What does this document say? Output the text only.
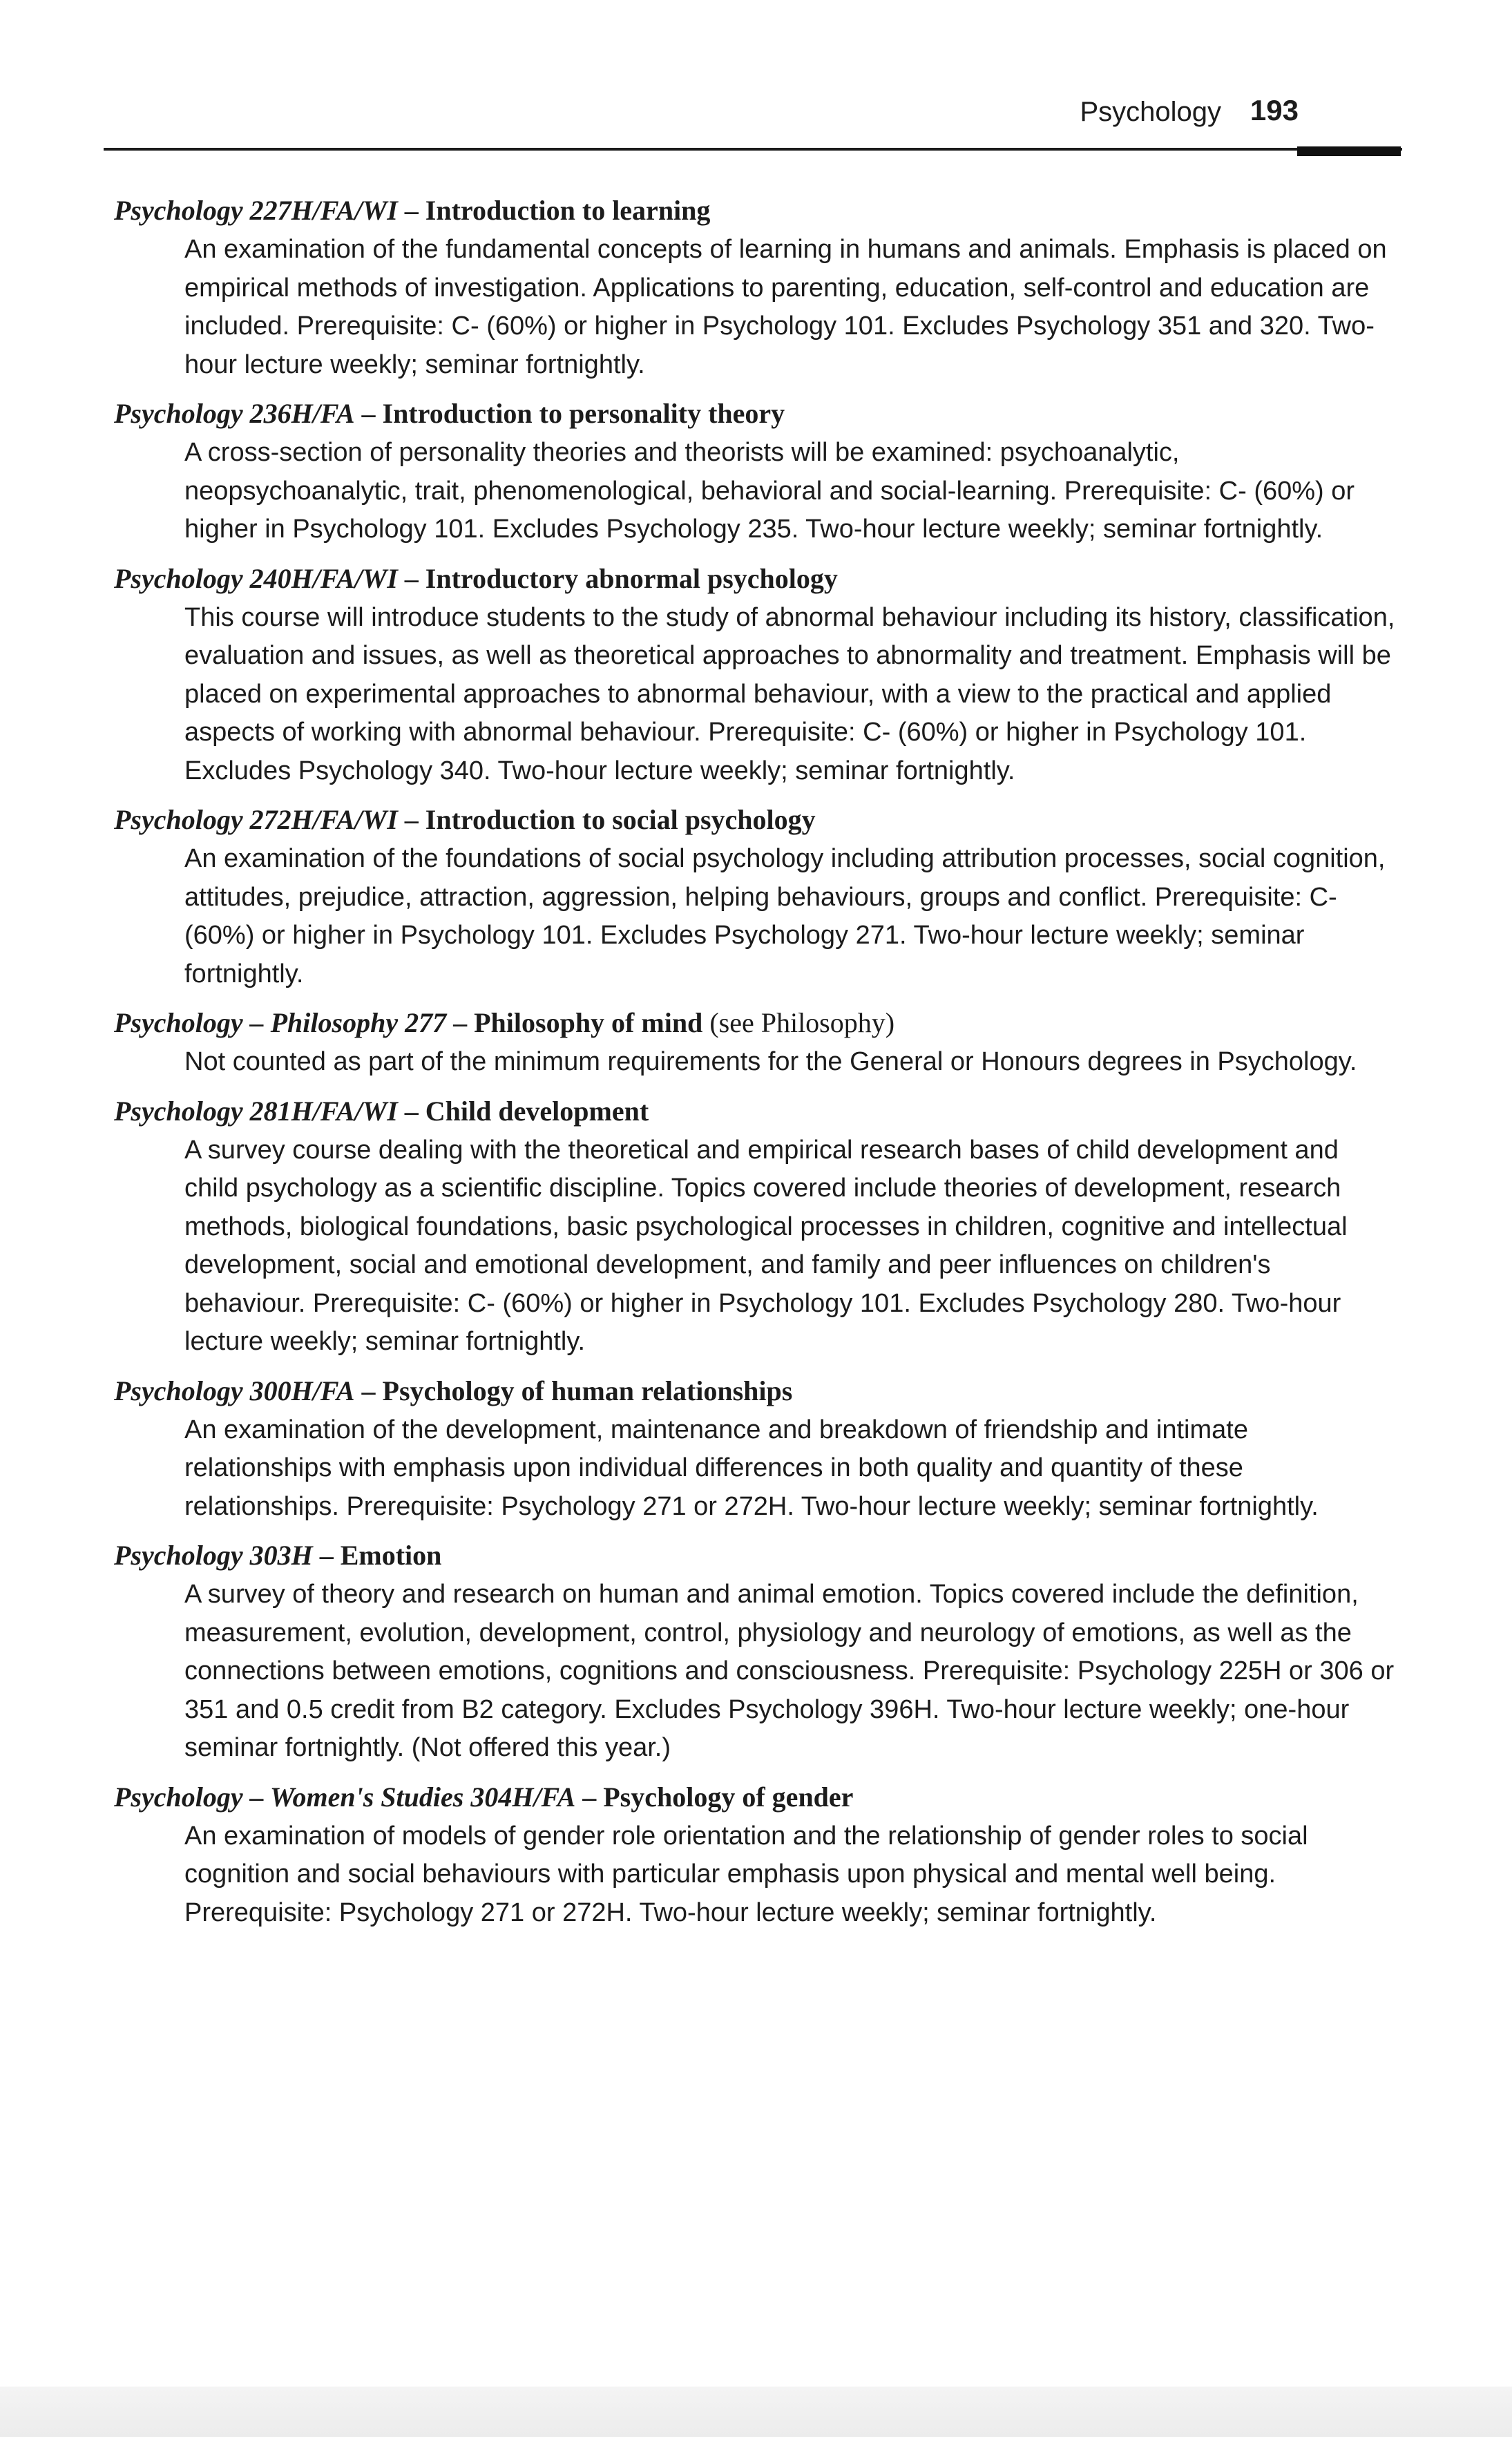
Psychology 193
Psychology 227H/FA/WI – Introduction to learning
An examination of the fundamental concepts of learning in humans and animals. Emphasis is placed on empirical methods of investigation. Applications to parenting, education, self-control and education are included. Prerequisite: C- (60%) or higher in Psychology 101. Excludes Psychology 351 and 320. Two-hour lecture weekly; seminar fortnightly.
Psychology 236H/FA – Introduction to personality theory
A cross-section of personality theories and theorists will be examined: psychoanalytic, neopsychoanalytic, trait, phenomenological, behavioral and social-learning. Prerequisite: C- (60%) or higher in Psychology 101. Excludes Psychology 235. Two-hour lecture weekly; seminar fortnightly.
Psychology 240H/FA/WI – Introductory abnormal psychology
This course will introduce students to the study of abnormal behaviour including its history, classification, evaluation and issues, as well as theoretical approaches to abnormality and treatment. Emphasis will be placed on experimental approaches to abnormal behaviour, with a view to the practical and applied aspects of working with abnormal behaviour. Prerequisite: C- (60%) or higher in Psychology 101. Excludes Psychology 340. Two-hour lecture weekly; seminar fortnightly.
Psychology 272H/FA/WI – Introduction to social psychology
An examination of the foundations of social psychology including attribution processes, social cognition, attitudes, prejudice, attraction, aggression, helping behaviours, groups and conflict. Prerequisite: C- (60%) or higher in Psychology 101. Excludes Psychology 271. Two-hour lecture weekly; seminar fortnightly.
Psychology – Philosophy 277 – Philosophy of mind (see Philosophy)
Not counted as part of the minimum requirements for the General or Honours degrees in Psychology.
Psychology 281H/FA/WI – Child development
A survey course dealing with the theoretical and empirical research bases of child development and child psychology as a scientific discipline. Topics covered include theories of development, research methods, biological foundations, basic psychological processes in children, cognitive and intellectual development, social and emotional development, and family and peer influences on children's behaviour. Prerequisite: C- (60%) or higher in Psychology 101. Excludes Psychology 280. Two-hour lecture weekly; seminar fortnightly.
Psychology 300H/FA – Psychology of human relationships
An examination of the development, maintenance and breakdown of friendship and intimate relationships with emphasis upon individual differences in both quality and quantity of these relationships. Prerequisite: Psychology 271 or 272H. Two-hour lecture weekly; seminar fortnightly.
Psychology 303H – Emotion
A survey of theory and research on human and animal emotion. Topics covered include the definition, measurement, evolution, development, control, physiology and neurology of emotions, as well as the connections between emotions, cognitions and consciousness. Prerequisite: Psychology 225H or 306 or 351 and 0.5 credit from B2 category. Excludes Psychology 396H. Two-hour lecture weekly; one-hour seminar fortnightly. (Not offered this year.)
Psychology – Women's Studies 304H/FA – Psychology of gender
An examination of models of gender role orientation and the relationship of gender roles to social cognition and social behaviours with particular emphasis upon physical and mental well being. Prerequisite: Psychology 271 or 272H. Two-hour lecture weekly; seminar fortnightly.
